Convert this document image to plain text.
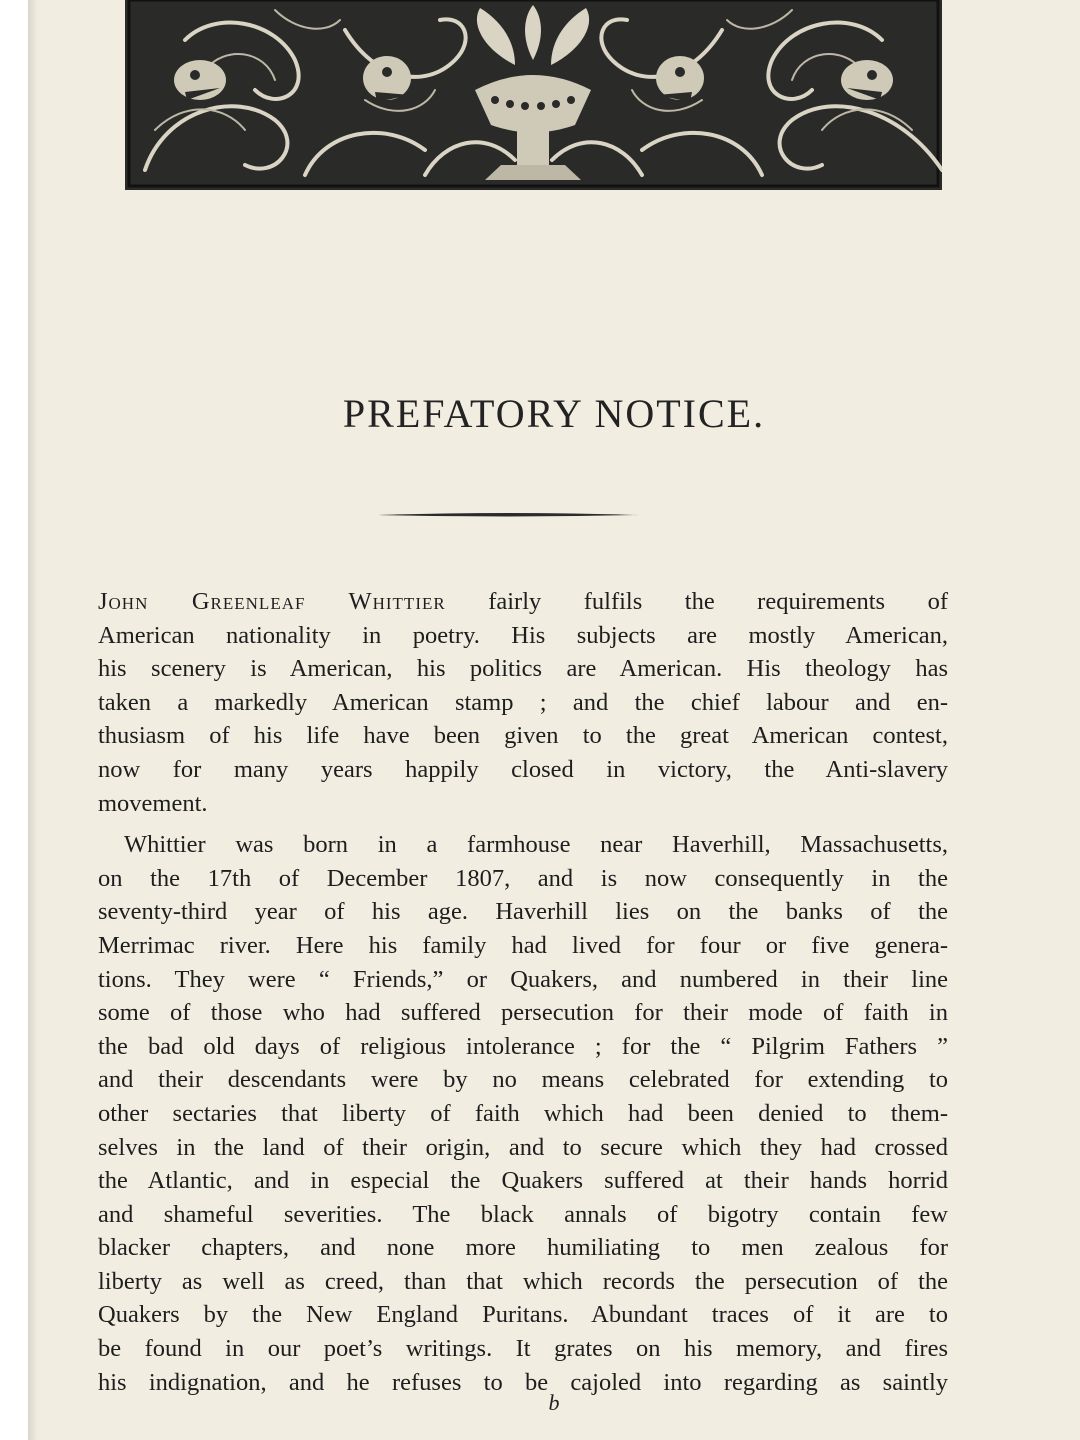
PREFATORY NOTICE.
John Greenleaf Whittier fairly fulfils the requirements of
American nationality in poetry. His subjects are mostly American,
his scenery is American, his politics are American. His theology has
taken a markedly American stamp ; and the chief labour and en-
thusiasm of his life have been given to the great American contest,
now for many years happily closed in victory, the Anti-slavery
movement.
Whittier was born in a farmhouse near Haverhill, Massachusetts,
on the 17th of December 1807, and is now consequently in the
seventy-third year of his age. Haverhill lies on the banks of the
Merrimac river. Here his family had lived for four or five genera-
tions. They were “ Friends,” or Quakers, and numbered in their line
some of those who had suffered persecution for their mode of faith in
the bad old days of religious intolerance ; for the “ Pilgrim Fathers ”
and their descendants were by no means celebrated for extending to
other sectaries that liberty of faith which had been denied to them-
selves in the land of their origin, and to secure which they had crossed
the Atlantic, and in especial the Quakers suffered at their hands horrid
and shameful severities. The black annals of bigotry contain few
blacker chapters, and none more humiliating to men zealous for
liberty as well as creed, than that which records the persecution of the
Quakers by the New England Puritans. Abundant traces of it are to
be found in our poet’s writings. It grates on his memory, and fires
his indignation, and he refuses to be cajoled into regarding as saintly
b
